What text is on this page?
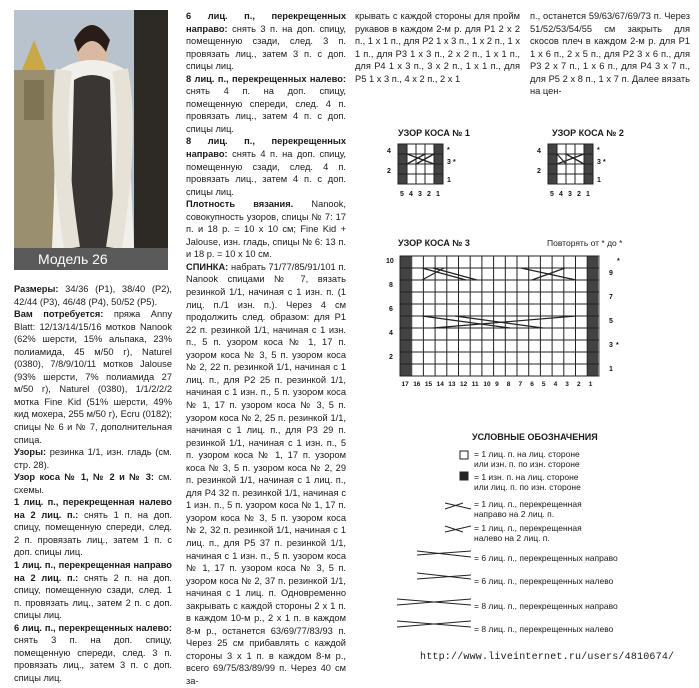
Модель 26

Размеры: 34/36 (P1), 38/40 (P2), 42/44 (P3), 46/48 (P4), 50/52 (P5).

Вам потребуется: пряжа Anny Blatt: 12/13/14/15/16 мотков Nanook (62% шерсти, 15% альпака, 23% полиамида, 45 м/50 г), Naturel (0380), 7/8/9/10/11 мотков Jalouse (93% шерсти, 7% полиамида 27 м/50 г), Naturel (0380), 1/1/2/2/2 мотка Fine Kid (51% шерсти, 49% кид мохера, 255 м/50 г), Ecru (0182); спицы № 6 и № 7, дополнительная спица.

Узоры: резинка 1/1, изн. гладь (см. стр. 28).

Узор коса № 1, № 2 и № 3: см. схемы.

1 лиц. п., перекрещенная налево на 2 лиц. п.: снять 1 п. на доп. спицу, помещенную спереди, след. 2 п. провязать лиц., затем 1 п. с доп. спицы лиц.

1 лиц. п., перекрещенная направо на 2 лиц. п.: снять 2 п. на доп. спицу, помещенную сзади, след. 1 п. провязать лиц., затем 2 п. с доп. спицы лиц.

6 лиц. п., перекрещенных налево: снять 3 п. на доп. спицу, помещенную спереди, след. 3 п. провязать лиц., затем 3 п. с доп. спицы лиц.

6 лиц. п., перекрещенных направо: снять 3 п. на доп. спицу, помещенную сзади, след. 3 п. провязать лиц., затем 3 п. с доп. спицы лиц.

8 лиц. п., перекрещенных налево: снять 4 п. на доп. спицу, помещенную спереди, след. 4 п. провязать лиц., затем 4 п. с доп. спицы лиц.

8 лиц. п., перекрещенных направо: снять 4 п. на доп. спицу, помещенную сзади, след. 4 п. провязать лиц., затем 4 п. с доп. спицы лиц.

Плотность вязания. Nanook, совокупность узоров, спицы № 7: 17 п. и 18 р. = 10 х 10 см; Fine Kid + Jalouse, изн. гладь, спицы № 6: 13 п. и 18 р. = 10 х 10 см.

СПИНКА: набрать 71/77/85/91/101 п. Nanook спицами № 7, вязать резинкой 1/1, начиная с 1 изн. п. (1 лиц. п./1 изн. п.). Через 4 см продолжить след. образом: для P1 22 п. резинкой 1/1, начиная с 1 изн. п., 5 п. узором коса № 1, 17 п. узором коса № 3, 5 п. узором коса № 2, 22 п. резинкой 1/1, начиная с 1 лиц. п., для P2 25 п. резинкой 1/1, начиная с 1 изн. п., 5 п. узором коса № 1, 17 п. узором коса № 3, 5 п. узором коса № 2, 25 п. резинкой 1/1, начиная с 1 лиц. п., для P3 29 п. резинкой 1/1, начиная с 1 изн. п., 5 п. узором коса № 1, 17 п. узором коса № 3, 5 п. узором коса № 2, 29 п. резинкой 1/1, начиная с 1 лиц. п., для P4 32 п. резинкой 1/1, начиная с 1 изн. п., 5 п. узором коса № 1, 17 п. узором коса № 3, 5 п. узором коса № 2, 32 п. резинкой 1/1, начиная с 1 лиц. п., для P5 37 п. резинкой 1/1, начиная с 1 изн. п., 5 п. узором коса № 1, 17 п. узором коса № 3, 5 п. узором коса № 2, 37 п. резинкой 1/1, начиная с 1 лиц. п. Одновременно закрывать с каждой стороны 2 х 1 п. в каждом 10-м р., 2 х 1 п. в каждом 8-м р., останется 63/69/77/83/93 п. Через 25 см прибавлять с каждой стороны 3 х 1 п. в каждом 8-м р., всего 69/75/83/89/99 п. Через 40 см за-

крывать с каждой стороны для пройм рукавов в каждом 2-м р. для P1 2 х 2 п., 1 х 1 п., для P2 1 х 3 п., 1 х 2 п., 1 х 1 п., для P3 1 х 3 п., 2 х 2 п., 1 х 1 п., для P4 1 х 3 п., 3 х 2 п., 1 х 1 п., для P5 1 х 3 п., 4 х 2 п., 2 х 1

п., останется 59/63/67/69/73 п. Через 51/52/53/54/55 см закрыть для скосов плеч в каждом 2-м р. для P1 1 х 6 п., 2 х 5 п., для P2 3 х 6 п., для P3 2 х 7 п., 1 х 6 п., для P4 3 х 7 п., для P5 2 х 8 п., 1 х 7 п. Далее вязать на цен-

УЗОР КОСА № 1	УЗОР КОСА № 2
УЗОР КОСА № 3	Повторять от * до *
4
2
*
3 *
1
5 4 3 2 1
4
2
*
3 *
1
5 4 3 2 1
10
8
6
4
2
9
7
5
3
1
*
*
17 16 15 14 13 12 11 10 9 8 7 6 5 4 3 2 1
УСЛОВНЫЕ ОБОЗНАЧЕНИЯ
= 1 лиц. п. на лиц. стороне или изн. п. по изн. стороне
= 1 изн. п. на лиц. стороне или лиц. п. по изн. стороне
= 1 лиц. п., перекрещенная направо на 2 лиц. п.
= 1 лиц. п., перекрещенная налево на 2 лиц. п.
= 6 лиц. п., перекрещенных направо
= 6 лиц. п., перекрещенных налево
= 8 лиц. п., перекрещенных направо
= 8 лиц. п., перекрещенных налево
http://www.liveinternet.ru/users/4810674/
